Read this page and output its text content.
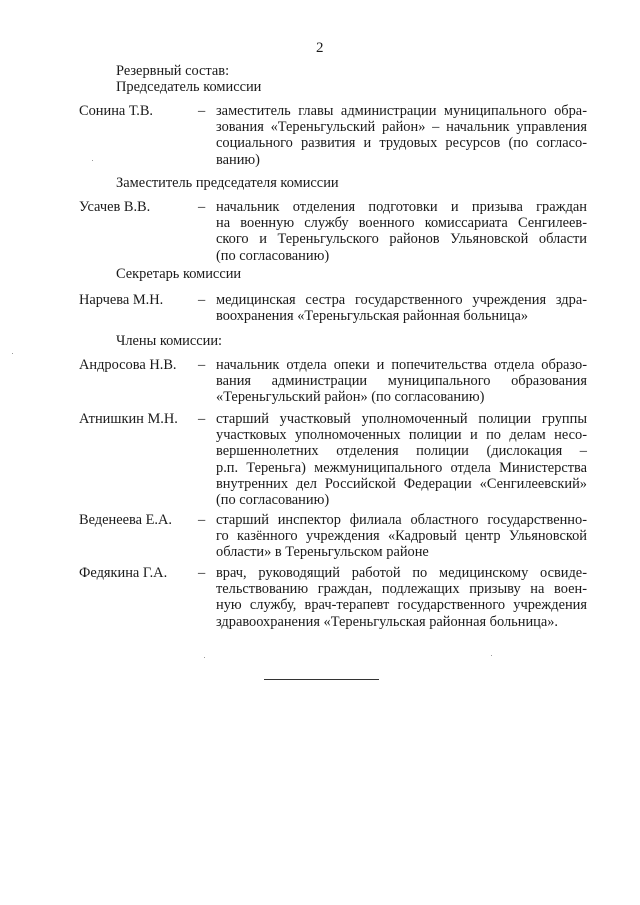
2
Резервный состав:
Председатель комиссии
Сонина Т.В.	– заместитель главы администрации муниципального обра-
зования «Тереньгульский район» – начальник управления
социального развития и трудовых ресурсов (по согласо-
ванию)
Заместитель председателя комиссии
Усачев В.В.	– начальник отделения подготовки и призыва граждан
на военную службу военного комиссариата Сенгилеев-
ского и Тереньгульского районов Ульяновской области
(по согласованию)
Секретарь комиссии
Нарчева М.Н. – медицинская сестра государственного учреждения здра-
воохранения «Тереньгульская районная больница»
Члены комиссии:
Андросова Н.В. – начальник отдела опеки и попечительства отдела образо-
вания администрации муниципального образования
«Тереньгульский район» (по согласованию)
Атнишкин М.Н. – старший участковый уполномоченный полиции группы
участковых уполномоченных полиции и по делам несо-
вершеннолетних отделения полиции (дислокация –
р.п. Тереньга) межмуниципального отдела Министерства
внутренних дел Российской Федерации «Сенгилеевский»
(по согласованию)
Веденеева Е.А. – старший инспектор филиала областного государственно-
го казённого учреждения «Кадровый центр Ульяновской
области» в Тереньгульском районе
Федякина Г.А. – врач, руководящий работой по медицинскому освиде-
тельствованию граждан, подлежащих призыву на воен-
ную службу, врач-терапевт государственного учреждения
здравоохранения «Тереньгульская районная больница».
